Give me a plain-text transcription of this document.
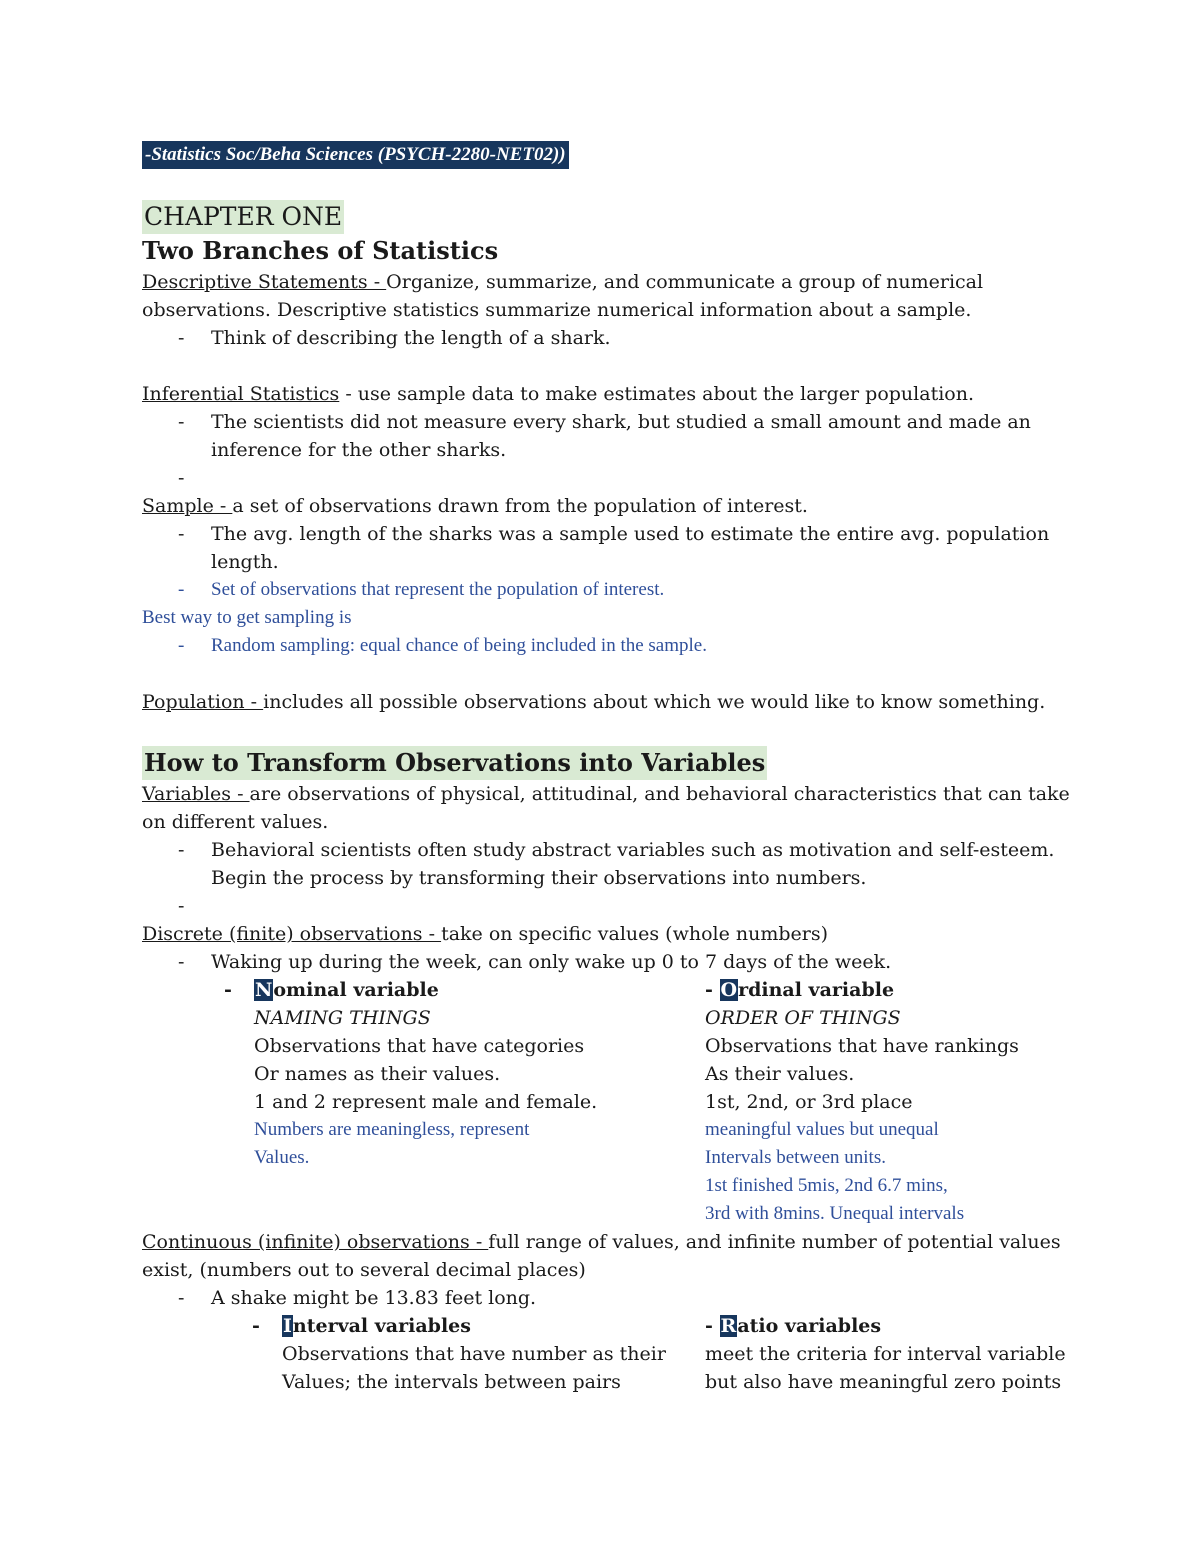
-Statistics Soc/Beha Sciences (PSYCH-2280-NET02))
CHAPTER ONE
Two Branches of Statistics
Descriptive Statements - Organize, summarize, and communicate a group of numerical
observations. Descriptive statistics summarize numerical information about a sample.
- Think of describing the length of a shark.
Inferential Statistics - use sample data to make estimates about the larger population.
- The scientists did not measure every shark, but studied a small amount and made an
inference for the other sharks.
-
Sample - a set of observations drawn from the population of interest.
- The avg. length of the sharks was a sample used to estimate the entire avg. population
length.
- Set of observations that represent the population of interest.
Best way to get sampling is
- Random sampling: equal chance of being included in the sample.
Population - includes all possible observations about which we would like to know something.
How to Transform Observations into Variables
Variables - are observations of physical, attitudinal, and behavioral characteristics that can take
on different values.
- Behavioral scientists often study abstract variables such as motivation and self-esteem.
Begin the process by transforming their observations into numbers.
-
Discrete (finite) observations - take on specific values (whole numbers)
- Waking up during the week, can only wake up 0 to 7 days of the week.
- Nominal variable
NAMING THINGS
Observations that have categories
Or names as their values.
1 and 2 represent male and female.
Numbers are meaningless, represent
Values.
- Ordinal variable
ORDER OF THINGS
Observations that have rankings
As their values.
1st, 2nd, or 3rd place
meaningful values but unequal
Intervals between units.
1st finished 5mis, 2nd 6.7 mins,
3rd with 8mins. Unequal intervals
Continuous (infinite) observations - full range of values, and infinite number of potential values
exist, (numbers out to several decimal places)
- A shake might be 13.83 feet long.
- Interval variables
Observations that have number as their
Values; the intervals between pairs
- Ratio variables
meet the criteria for interval variable
but also have meaningful zero points
